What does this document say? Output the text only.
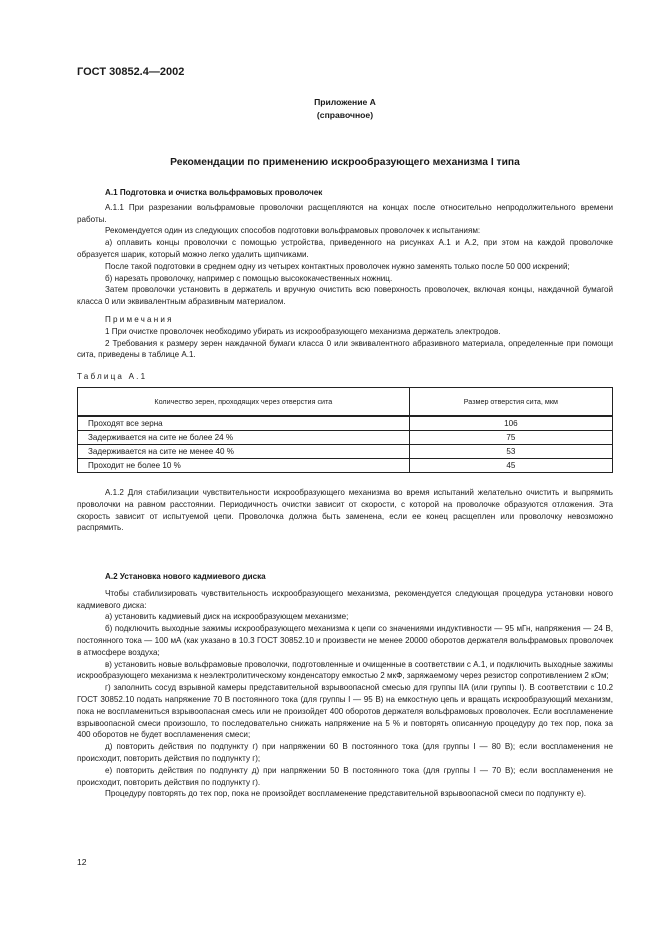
ГОСТ 30852.4—2002
Приложение А
(справочное)
Рекомендации по применению искрообразующего механизма I типа

А.1 Подготовка и очистка вольфрамовых проволочек

А.1.1 При разрезании вольфрамовые проволочки расщепляются на концах после относительно непродолжительного времени работы.

Рекомендуется один из следующих способов подготовки вольфрамовых проволочек к испытаниям:

а) оплавить концы проволочки с помощью устройства, приведенного на рисунках А.1 и А.2, при этом на каждой проволочке образуется шарик, который можно легко удалить щипчиками.

После такой подготовки в среднем одну из четырех контактных проволочек нужно заменять только после 50 000 искрений;

б) нарезать проволочку, например с помощью высококачественных ножниц.

Затем проволочки установить в держатель и вручную очистить всю поверхность проволочек, включая концы, наждачной бумагой класса 0 или эквивалентным абразивным материалом.

Примечания

1 При очистке проволочек необходимо убирать из искрообразующего механизма держатель электродов.

2 Требования к размеру зерен наждачной бумаги класса 0 или эквивалентного абразивного материала, определенные при помощи сита, приведены в таблице А.1.

Таблица А.1

Количество зерен, проходящих через отверстия сита	Размер отверстия сита, мкм
Проходят все зерна	106
Задерживается на сите не более 24 %	75
Задерживается на сите не менее 40 %	53
Проходит не более 10 %	45

А.1.2 Для стабилизации чувствительности искрообразующего механизма во время испытаний желательно очистить и выпрямить проволочки на равном расстоянии. Периодичность очистки зависит от скорости, с которой на проволочке образуются отложения. Эта скорость зависит от испытуемой цепи. Проволочка должна быть заменена, если ее конец расщеплен или проволочку невозможно распрямить.

А.2 Установка нового кадмиевого диска

Чтобы стабилизировать чувствительность искрообразующего механизма, рекомендуется следующая процедура установки нового кадмиевого диска:

а) установить кадмиевый диск на искрообразующем механизме;

б) подключить выходные зажимы искрообразующего механизма к цепи со значениями индуктивности — 95 мГн, напряжения — 24 В, постоянного тока — 100 мА (как указано в 10.3 ГОСТ 30852.10 и произвести не менее 20000 оборотов держателя вольфрамовых проволочек в атмосфере воздуха;

в) установить новые вольфрамовые проволочки, подготовленные и очищенные в соответствии с А.1, и подключить выходные зажимы искрообразующего механизма к неэлектролитическому конденсатору емкостью 2 мкФ, заряжаемому через резистор сопротивлением 2 кОм;

г) заполнить сосуд взрывной камеры представительной взрывоопасной смесью для группы IIA (или группы I). В соответствии с 10.2 ГОСТ 30852.10 подать напряжение 70 В постоянного тока (для группы I — 95 В) на емкостную цепь и вращать искрообразующий механизм, пока не воспламениться взрывоопасная смесь или не произойдет 400 оборотов держателя вольфрамовых проволочек. Если воспламенение взрывоопасной смеси произошло, то последовательно снижать напряжение на 5 % и повторять описанную процедуру до тех пор, пока за 400 оборотов не будет воспламенения смеси;

д) повторить действия по подпункту г) при напряжении 60 В постоянного тока (для группы I — 80 В); если воспламенения не происходит, повторить действия по подпункту г);

е) повторить действия по подпункту д) при напряжении 50 В постоянного тока (для группы I — 70 В); если воспламенения не происходит, повторить действия по подпункту г).

Процедуру повторять до тех пор, пока не произойдет воспламенение представительной взрывоопасной смеси по подпункту е).

12
